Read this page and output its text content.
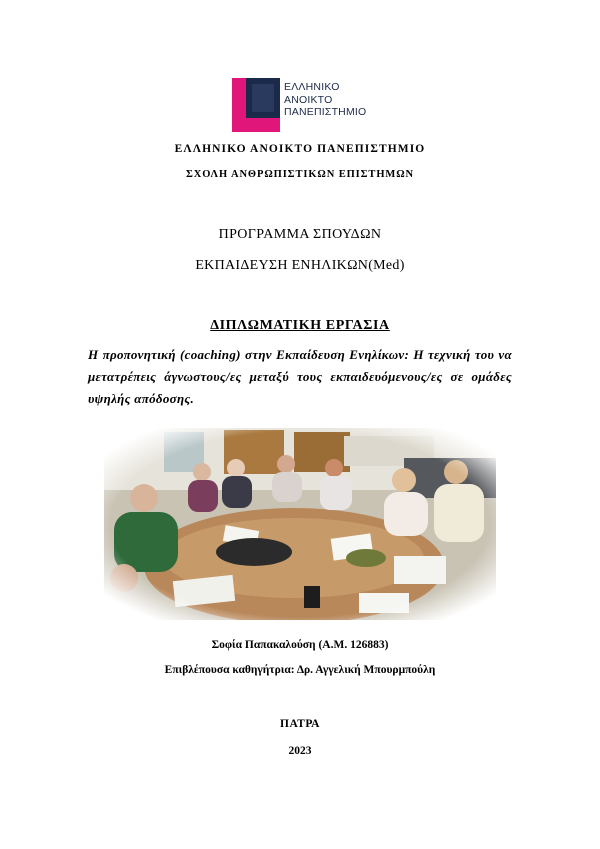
ΕΛΛΗΝΙΚΟ
ΑΝΟΙΚΤΟ
ΠΑΝΕΠΙΣΤΗΜΙΟ
ΕΛΛΗΝΙΚΟ ΑΝΟΙΚΤΟ ΠΑΝΕΠΙΣΤΗΜΙΟ
ΣΧΟΛΗ ΑΝΘΡΩΠΙΣΤΙΚΩΝ ΕΠΙΣΤΗΜΩΝ
ΠΡΟΓΡΑΜΜΑ ΣΠΟΥΔΩΝ
ΕΚΠΑΙΔΕΥΣΗ ΕΝΗΛΙΚΩΝ(Med)
ΔΙΠΛΩΜΑΤΙΚΗ ΕΡΓΑΣΙΑ
Η προπονητική (coaching) στην Εκπαίδευση Ενηλίκων: Η τεχνική του να μετατρέπεις άγνωστους/ες μεταξύ τους εκπαιδευόμενους/ες σε ομάδες υψηλής απόδοσης.
Σοφία Παπακαλούση (Α.Μ. 126883)
Επιβλέπουσα καθηγήτρια: Δρ. Αγγελική Μπουρμπούλη
ΠΑΤΡΑ
2023
